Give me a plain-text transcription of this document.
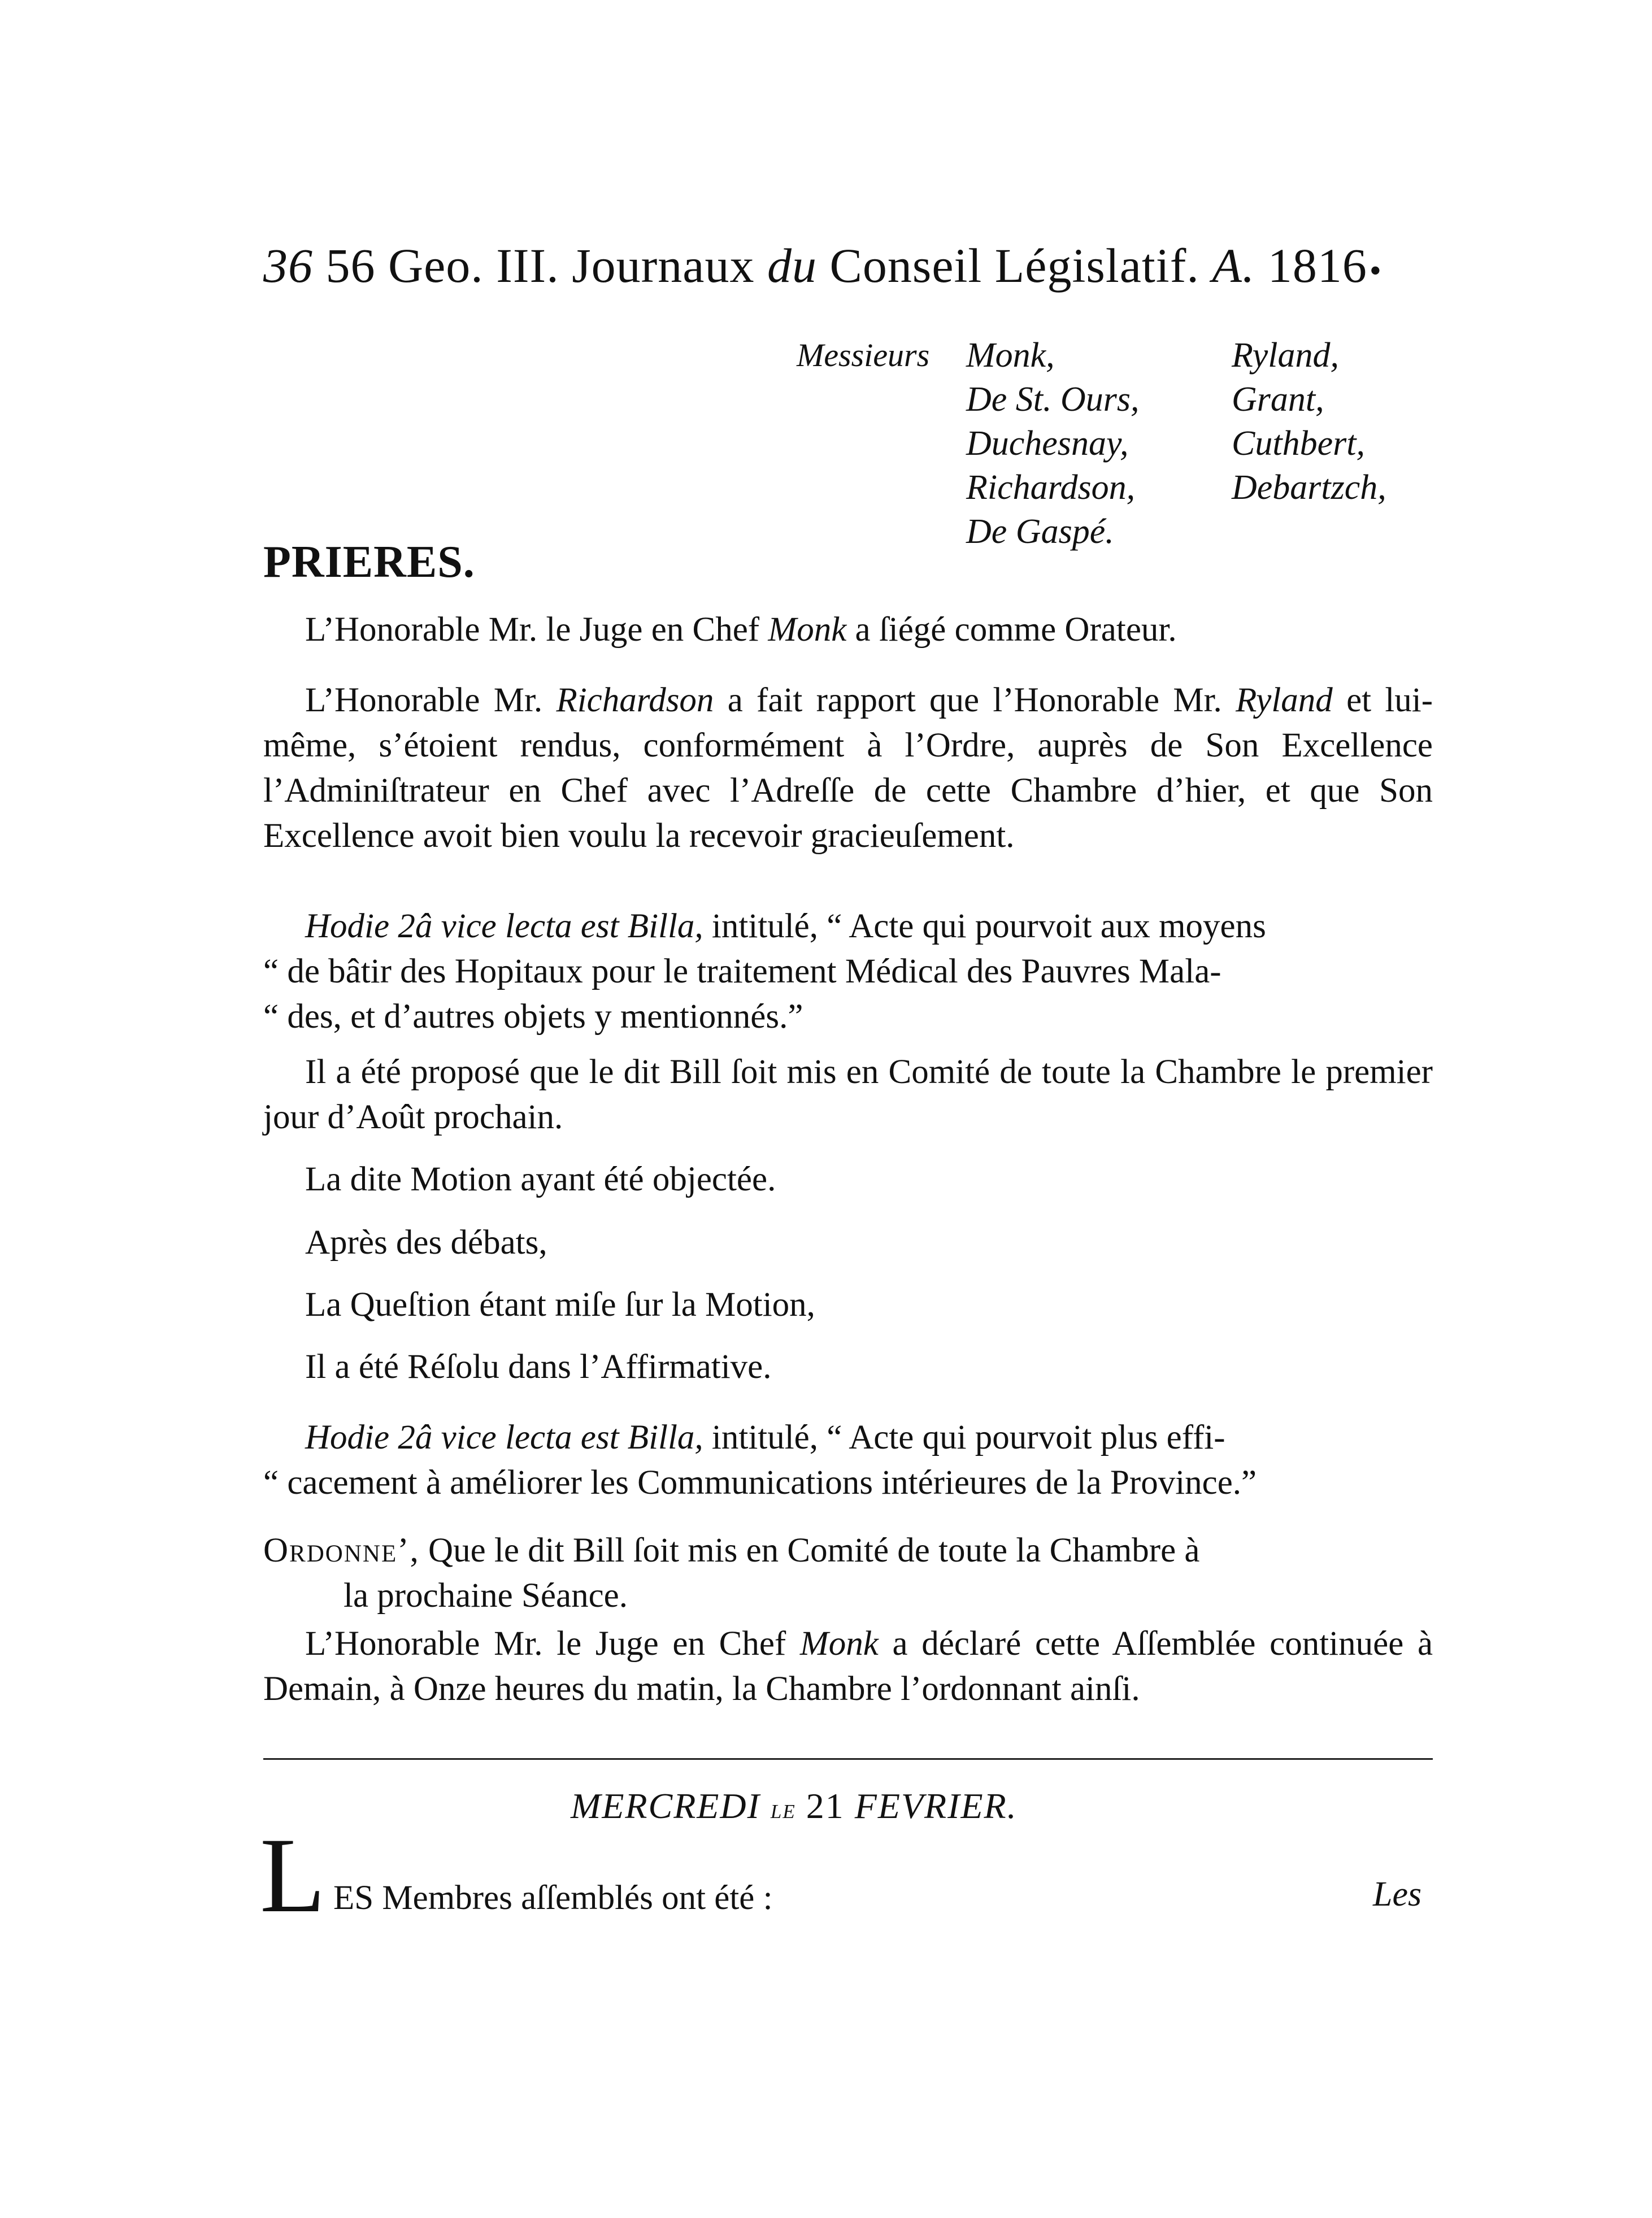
36 56 Geo. III. Journaux du Conseil Législatif. A. 1816•
Messieurs Monk,
De St. Ours,
Duchesnay,
Richardson,
De Gaspé.
Ryland,
Grant,
Cuthbert,
Debartzch,
PRIERES.
L’Honorable Mr. le Juge en Chef Monk a ſiégé comme Orateur.
L’Honorable Mr. Richardson a fait rapport que l’Honorable Mr. Ryland et lui-même, s’étoient rendus, conformément à l’Ordre, auprès de Son Excellence l’Adminiſtrateur en Chef avec l’Adreſſe de cette Chambre d’hier, et que Son Excellence avoit bien voulu la recevoir gracieuſement.
Hodie 2â vice lecta est Billa, intitulé, “ Acte qui pourvoit aux moyens
“ de bâtir des Hopitaux pour le traitement Médical des Pauvres Mala-
“ des, et d’autres objets y mentionnés.”
Il a été proposé que le dit Bill ſoit mis en Comité de toute la Chambre le premier jour d’Août prochain.
La dite Motion ayant été objectée.
Après des débats,
La Queſtion étant miſe ſur la Motion,
Il a été Réſolu dans l’Affirmative.
Hodie 2â vice lecta est Billa, intitulé, “ Acte qui pourvoit plus effi-
“ cacement à améliorer les Communications intérieures de la Province.”
Ordonne’, Que le dit Bill ſoit mis en Comité de toute la Chambre à
la prochaine Séance.
L’Honorable Mr. le Juge en Chef Monk a déclaré cette Aſſemblée continuée à Demain, à Onze heures du matin, la Chambre l’ordonnant ainſi.
MERCREDI le 21 FEVRIER.
L ES Membres aſſemblés ont été :	Les
